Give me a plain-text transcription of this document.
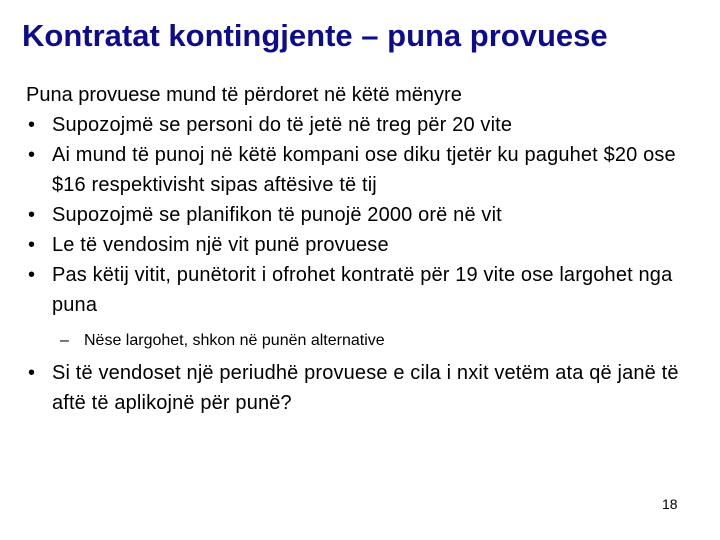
Kontratat kontingjente – puna provuese
Puna provuese mund të përdoret në këtë mënyre
• Supozojmë se personi do të jetë në treg për 20 vite
• Ai mund të punoj në këtë kompani ose diku tjetër ku paguhet $20 ose $16 respektivisht sipas aftësive të tij
• Supozojmë se planifikon të punojë 2000 orë në vit
• Le të vendosim një vit punë provuese
• Pas këtij vitit, punëtorit i ofrohet kontratë për 19 vite ose largohet nga puna
– Nëse largohet, shkon në punën alternative
• Si të vendoset një periudhë provuese e cila i nxit vetëm ata që janë të aftë të aplikojnë për punë?
18
